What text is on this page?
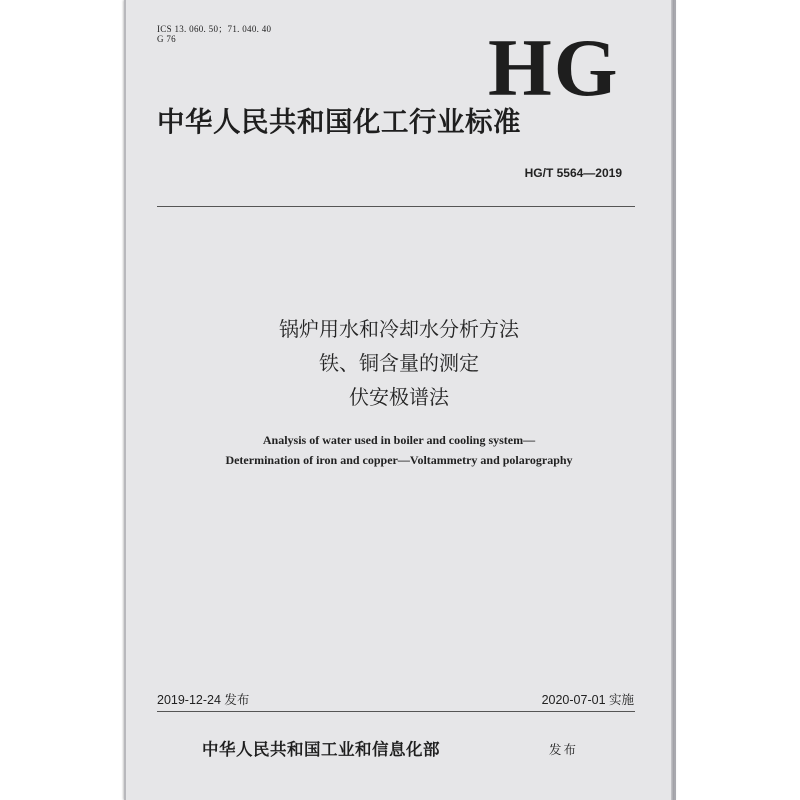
ICS 13. 060. 50；71. 040. 40
G 76	HG
中华人民共和国化工行业标准
HG/T 5564—2019
锅炉用水和冷却水分析方法
铁、铜含量的测定
伏安极谱法
Analysis of water used in boiler and cooling system—
Determination of iron and copper—Voltammetry and polarography
2019-12-24 发布	2020-07-01 实施
中华人民共和国工业和信息化部	发布
